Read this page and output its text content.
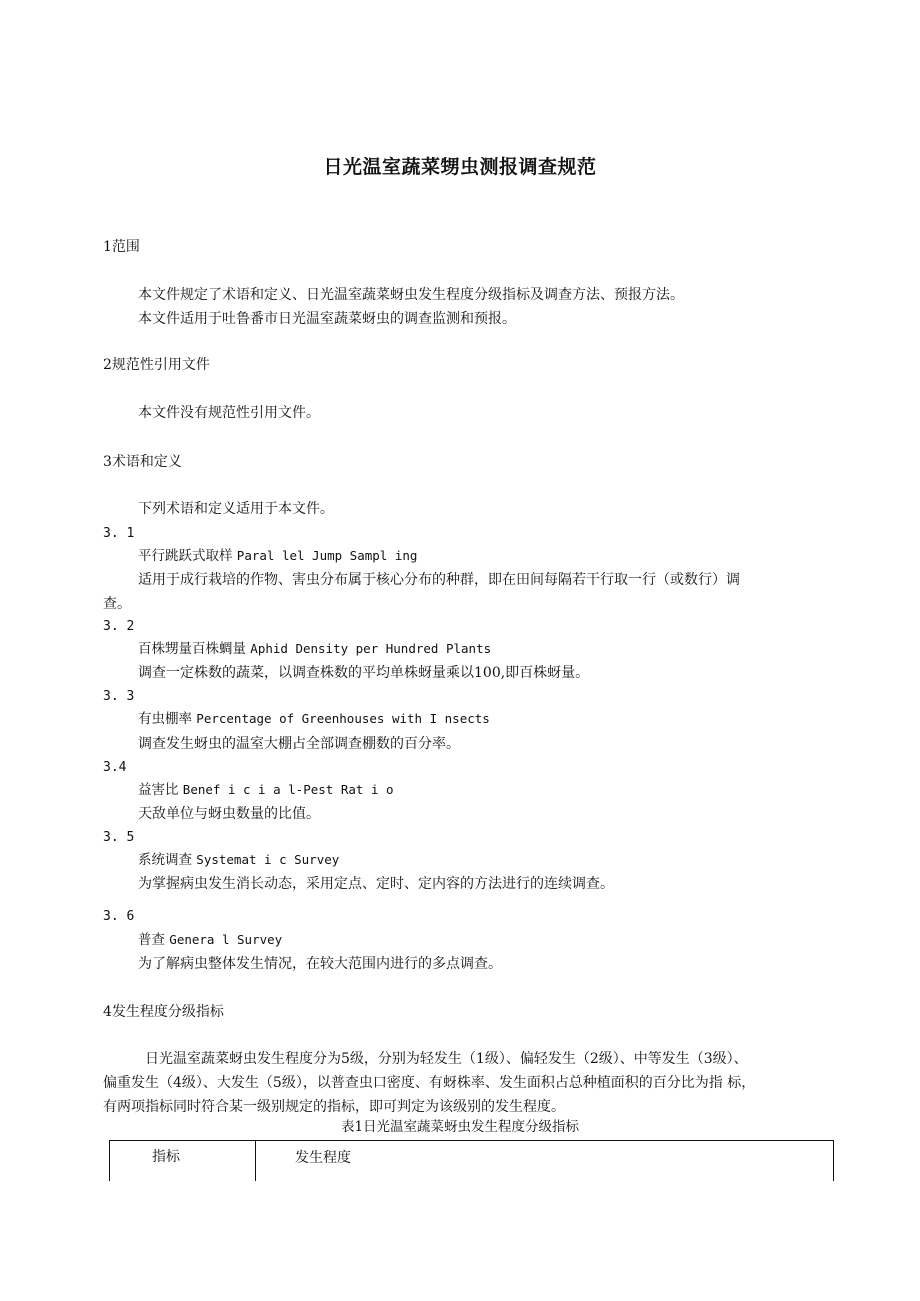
日光温室蔬菜甥虫测报调查规范
1范围
本文件规定了术语和定义、日光温室蔬菜蚜虫发生程度分级指标及调查方法、预报方法。
本文件适用于吐鲁番市日光温室蔬菜蚜虫的调查监测和预报。
2规范性引用文件
本文件没有规范性引用文件。
3术语和定义
下列术语和定义适用于本文件。
3. 1
平行跳跃式取样 Paral lel Jump Sampl ing
适用于成行栽培的作物、害虫分布属于核心分布的种群，即在田间每隔若干行取一行（或数行）调
查。
3. 2
百株甥量百株蜩量 Aphid Density per Hundred Plants
调查一定株数的蔬菜，以调查株数的平均单株蚜量乘以100,即百株蚜量。
3. 3
有虫棚率 Percentage of Greenhouses with I nsects
调查发生蚜虫的温室大棚占全部调查棚数的百分率。
3.4
益害比 Benef i c i a l-Pest Rat i o
天敌单位与蚜虫数量的比值。
3. 5
系统调查 Systemat i c Survey
为掌握病虫发生消长动态，采用定点、定时、定内容的方法进行的连续调查。
3. 6
普查 Genera l Survey
为了解病虫整体发生情况，在较大范围内进行的多点调查。
4发生程度分级指标
日光温室蔬菜蚜虫发生程度分为5级，分别为轻发生（1级）、偏轻发生（2级）、中等发生（3级）、
偏重发生（4级）、大发生（5级），以普查虫口密度、有蚜株率、发生面积占总种植面积的百分比为指 标，
有两项指标同时符合某一级别规定的指标，即可判定为该级别的发生程度。
表1日光温室蔬菜蚜虫发生程度分级指标
指标	发生程度
